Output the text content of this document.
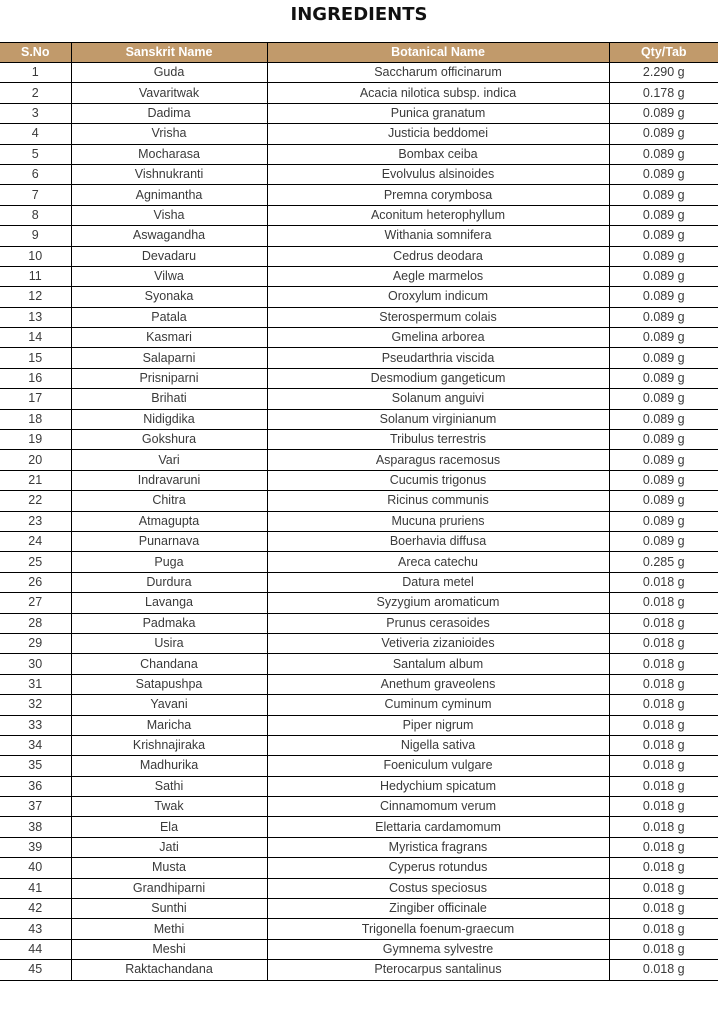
INGREDIENTS
S.No	Sanskrit Name	Botanical Name	Qty/Tab
1	Guda	Saccharum officinarum	2.290 g
2	Vavaritwak	Acacia nilotica subsp. indica	0.178 g
3	Dadima	Punica granatum	0.089 g
4	Vrisha	Justicia beddomei	0.089 g
5	Mocharasa	Bombax ceiba	0.089 g
6	Vishnukranti	Evolvulus alsinoides	0.089 g
7	Agnimantha	Premna corymbosa	0.089 g
8	Visha	Aconitum heterophyllum	0.089 g
9	Aswagandha	Withania somnifera	0.089 g
10	Devadaru	Cedrus deodara	0.089 g
11	Vilwa	Aegle marmelos	0.089 g
12	Syonaka	Oroxylum indicum	0.089 g
13	Patala	Sterospermum colais	0.089 g
14	Kasmari	Gmelina arborea	0.089 g
15	Salaparni	Pseudarthria viscida	0.089 g
16	Prisniparni	Desmodium gangeticum	0.089 g
17	Brihati	Solanum anguivi	0.089 g
18	Nidigdika	Solanum virginianum	0.089 g
19	Gokshura	Tribulus terrestris	0.089 g
20	Vari	Asparagus racemosus	0.089 g
21	Indravaruni	Cucumis trigonus	0.089 g
22	Chitra	Ricinus communis	0.089 g
23	Atmagupta	Mucuna pruriens	0.089 g
24	Punarnava	Boerhavia diffusa	0.089 g
25	Puga	Areca catechu	0.285 g
26	Durdura	Datura metel	0.018 g
27	Lavanga	Syzygium aromaticum	0.018 g
28	Padmaka	Prunus cerasoides	0.018 g
29	Usira	Vetiveria zizanioides	0.018 g
30	Chandana	Santalum album	0.018 g
31	Satapushpa	Anethum graveolens	0.018 g
32	Yavani	Cuminum cyminum	0.018 g
33	Maricha	Piper nigrum	0.018 g
34	Krishnajiraka	Nigella sativa	0.018 g
35	Madhurika	Foeniculum vulgare	0.018 g
36	Sathi	Hedychium spicatum	0.018 g
37	Twak	Cinnamomum verum	0.018 g
38	Ela	Elettaria cardamomum	0.018 g
39	Jati	Myristica fragrans	0.018 g
40	Musta	Cyperus rotundus	0.018 g
41	Grandhiparni	Costus speciosus	0.018 g
42	Sunthi	Zingiber officinale	0.018 g
43	Methi	Trigonella foenum-graecum	0.018 g
44	Meshi	Gymnema sylvestre	0.018 g
45	Raktachandana	Pterocarpus santalinus	0.018 g
